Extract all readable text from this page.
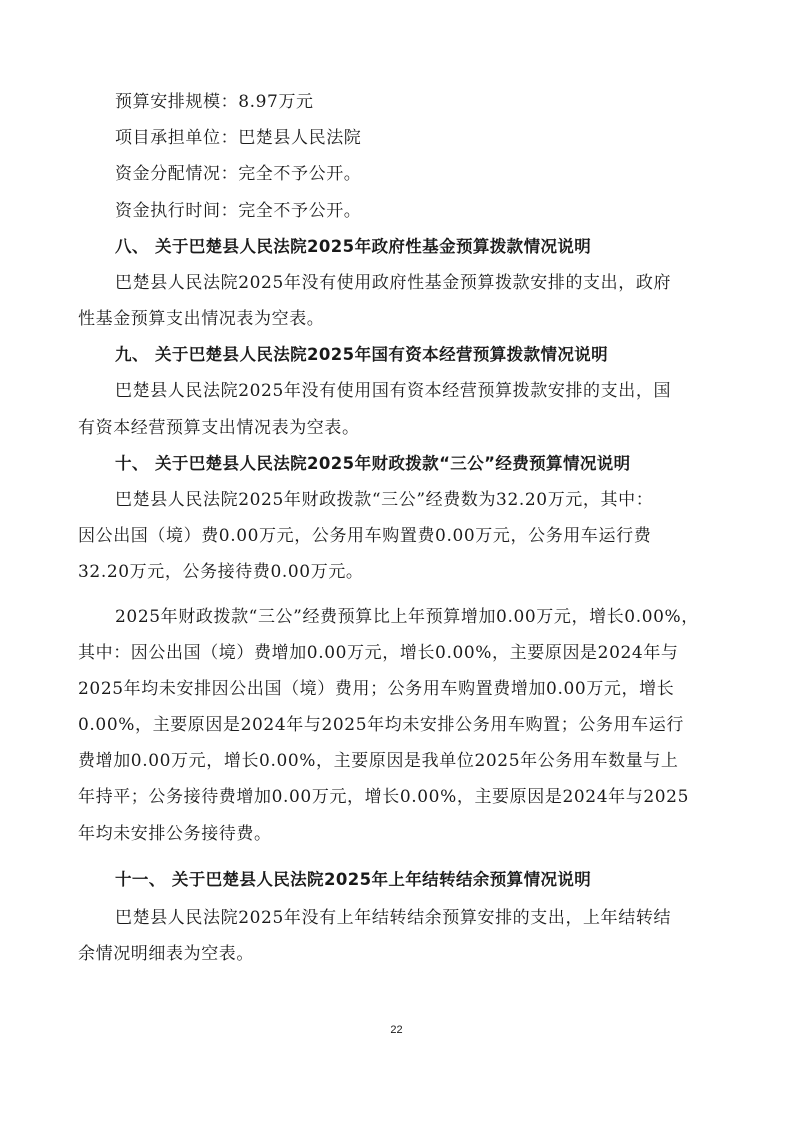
预算安排规模：8.97万元
项目承担单位：巴楚县人民法院
资金分配情况：完全不予公开。
资金执行时间：完全不予公开。
八、 关于巴楚县人民法院2025年政府性基金预算拨款情况说明
巴楚县人民法院2025年没有使用政府性基金预算拨款安排的支出，政府
性基金预算支出情况表为空表。
九、 关于巴楚县人民法院2025年国有资本经营预算拨款情况说明
巴楚县人民法院2025年没有使用国有资本经营预算拨款安排的支出，国
有资本经营预算支出情况表为空表。
十、 关于巴楚县人民法院2025年财政拨款“三公”经费预算情况说明
巴楚县人民法院2025年财政拨款“三公”经费数为32.20万元，其中：
因公出国（境）费0.00万元，公务用车购置费0.00万元，公务用车运行费
32.20万元，公务接待费0.00万元。
2025年财政拨款“三公”经费预算比上年预算增加0.00万元，增长0.00%，
其中：因公出国（境）费增加0.00万元，增长0.00%，主要原因是2024年与
2025年均未安排因公出国（境）费用；公务用车购置费增加0.00万元，增长
0.00%，主要原因是2024年与2025年均未安排公务用车购置；公务用车运行
费增加0.00万元，增长0.00%，主要原因是我单位2025年公务用车数量与上
年持平；公务接待费增加0.00万元，增长0.00%，主要原因是2024年与2025
年均未安排公务接待费。
十一、 关于巴楚县人民法院2025年上年结转结余预算情况说明
巴楚县人民法院2025年没有上年结转结余预算安排的支出，上年结转结
余情况明细表为空表。
22
